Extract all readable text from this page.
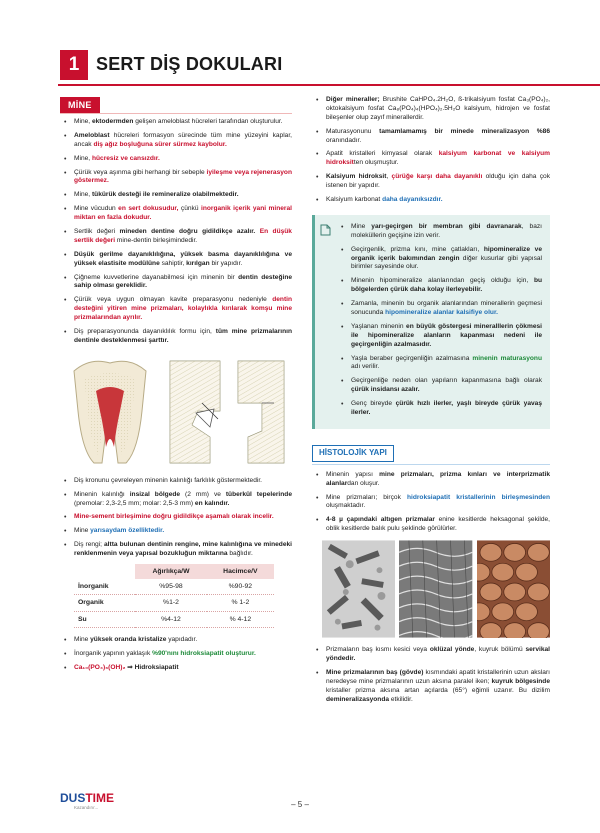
1 SERT DİŞ DOKULARI
MİNE
• Mine, ektodermden gelişen ameloblast hücreleri tarafından oluşturulur.
• Ameloblast hücreleri formasyon sürecinde tüm mine yüzeyini kaplar, ancak diş ağız boşluğuna sürer sürmez kaybolur.
• Mine, hücresiz ve cansızdır.
• Çürük veya aşınma gibi herhangi bir sebeple iyileşme veya rejenerasyon göstermez.
• Mine, tükürük desteği ile remineralize olabilmektedir.
• Mine vücudun en sert dokusudur, çünkü inorganik içerik yani mineral miktarı en fazla dokudur.
• Sertlik değeri mineden dentine doğru gidildikçe azalır. En düşük sertlik değeri mine-dentin birleşimindedir.
• Düşük gerilme dayanıklılığına, yüksek basma dayanıklılığına ve yüksek elastisite modülüne sahiptir, kırılgan bir yapıdır.
• Çiğneme kuvvetlerine dayanabilmesi için minenin bir dentin desteğine sahip olması gereklidir.
• Çürük veya uygun olmayan kavite preparasyonu nedeniyle dentin desteğini yitiren mine prizmaları, kolaylıkla kırılarak komşu mine prizmalarından ayrılır.
• Diş preparasyonunda dayanıklılık formu için, tüm mine prizmalarının dentinle desteklenmesi şarttır.
• Diş kronunu çevreleyen minenin kalınlığı farklılık göstermektedir.
• Minenin kalınlığı insizal bölgede (2 mm) ve tüberkül tepelerinde (premolar: 2,3-2,5 mm; molar: 2,5-3 mm) en kalındır.
• Mine-sement birleşimine doğru gidildikçe aşamalı olarak incelir.
• Mine yarısaydam özelliktedir.
• Diş rengi; altta bulunan dentinin rengine, mine kalınlığına ve minedeki renklenmenin veya yapısal bozukluğun miktarına bağlıdır.
	Ağırlıkça/W	Hacimce/V
İnorganik	%95-98	%90-92
Organik	%1-2	% 1-2
Su	%4-12	% 4-12
• Mine yüksek oranda kristalize yapıdadır.
• İnorganik yapının yaklaşık %90'nını hidroksiapatit oluşturur.
• Ca₁₀(PO₄)₆(OH)₂ ⇒ Hidroksiapatit
• Diğer mineraller; Brushite CaHPO₄.2H₂O, ß-trikalsiyum fosfat Ca₃(PO₄)₂, oktokalsiyum fosfat Ca₈(PO₄)₄(HPO₄)₂.5H₂O kalsiyum, hidrojen ve fosfat bileşenler olup zayıf minerallerdir.
• Maturasyonunu tamamlamamış bir minede mineralizasyon %86 oranındadır.
• Apatit kristalleri kimyasal olarak kalsiyum karbonat ve kalsiyum hidroksitten oluşmuştur.
• Kalsiyum hidroksit, çürüğe karşı daha dayanıklı olduğu için daha çok istenen bir yapıdır.
• Kalsiyum karbonat daha dayanıksızdır.
• Mine yarı-geçirgen bir membran gibi davranarak, bazı moleküllerin geçişine izin verir.
• Geçirgenlik, prizma kını, mine çatlakları, hipomineralize ve organik içerik bakımından zengin diğer kusurlar gibi yapısal birimler sayesinde olur.
• Minenin hipomineralize alanlarından geçiş olduğu için, bu bölgelerden çürük daha kolay ilerleyebilir.
• Zamanla, minenin bu organik alanlarından minerallerin geçmesi sonucunda hipomineralize alanlar kalsifiye olur.
• Yaşlanan minenin en büyük göstergesi mineralllerin çökmesi ile hipomineralize alanların kapanması nedeni ile geçirgenliğin azalmasıdır.
• Yaşla beraber geçirgenliğin azalmasına minenin maturasyonu adı verilir.
• Geçirgenliğe neden olan yapıların kapanmasına bağlı olarak çürük insidansı azalır.
• Genç bireyde çürük hızlı ilerler, yaşlı bireyde çürük yavaş ilerler.
HİSTOLOJİK YAPI
• Minenin yapısı mine prizmaları, prizma kınları ve interprizmatik alanlardan oluşur.
• Mine prizmaları; birçok hidroksiapatit kristallerinin birleşmesinden oluşmaktadır.
• 4-8 µ çapındaki altıgen prizmalar enine kesitlerde heksagonal şekilde, oblik kesitlerde balık pulu şeklinde görülürler.
• Prizmaların baş kısmı kesici veya oklüzal yönde, kuyruk bölümü servikal yöndedir.
• Mine prizmalarının baş (gövde) kısmındaki apatit kristallerinin uzun aksları neredeyse mine prizmalarının uzun aksına paralel iken; kuyruk bölgesinde kristaller prizma aksına artan açılarda (65°) eğimli uzanır. Bu dizilim demineralizasyonda etkilidir.
DUSTIME
Kazandırır...	– 5 –
